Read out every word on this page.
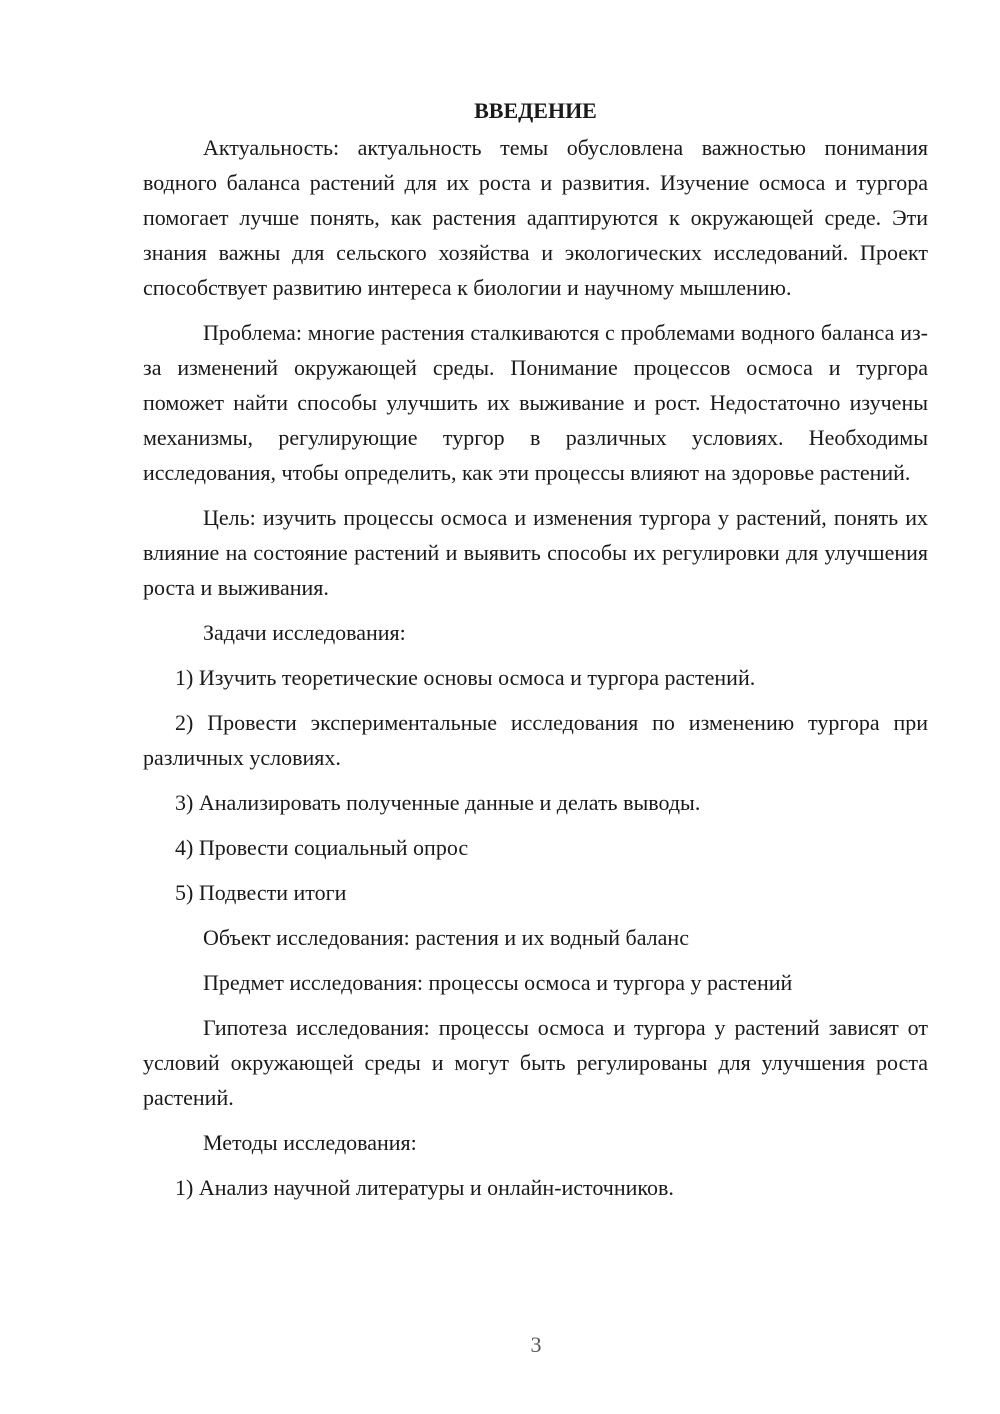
ВВЕДЕНИЕ

Актуальность: актуальность темы обусловлена важностью понимания водного баланса растений для их роста и развития. Изучение осмоса и тургора помогает лучше понять, как растения адаптируются к окружающей среде. Эти знания важны для сельского хозяйства и экологических исследований. Проект способствует развитию интереса к биологии и научному мышлению.

Проблема: многие растения сталкиваются с проблемами водного баланса из-за изменений окружающей среды. Понимание процессов осмоса и тургора поможет найти способы улучшить их выживание и рост. Недостаточно изучены механизмы, регулирующие тургор в различных условиях. Необходимы исследования, чтобы определить, как эти процессы влияют на здоровье растений.

Цель: изучить процессы осмоса и изменения тургора у растений, понять их влияние на состояние растений и выявить способы их регулировки для улучшения роста и выживания.

Задачи исследования:

1) Изучить теоретические основы осмоса и тургора растений.

2) Провести экспериментальные исследования по изменению тургора при различных условиях.

3) Анализировать полученные данные и делать выводы.

4) Провести социальный опрос

5) Подвести итоги

Объект исследования: растения и их водный баланс

Предмет исследования: процессы осмоса и тургора у растений

Гипотеза исследования: процессы осмоса и тургора у растений зависят от условий окружающей среды и могут быть регулированы для улучшения роста растений.

Методы исследования:

1) Анализ научной литературы и онлайн-источников.

3
